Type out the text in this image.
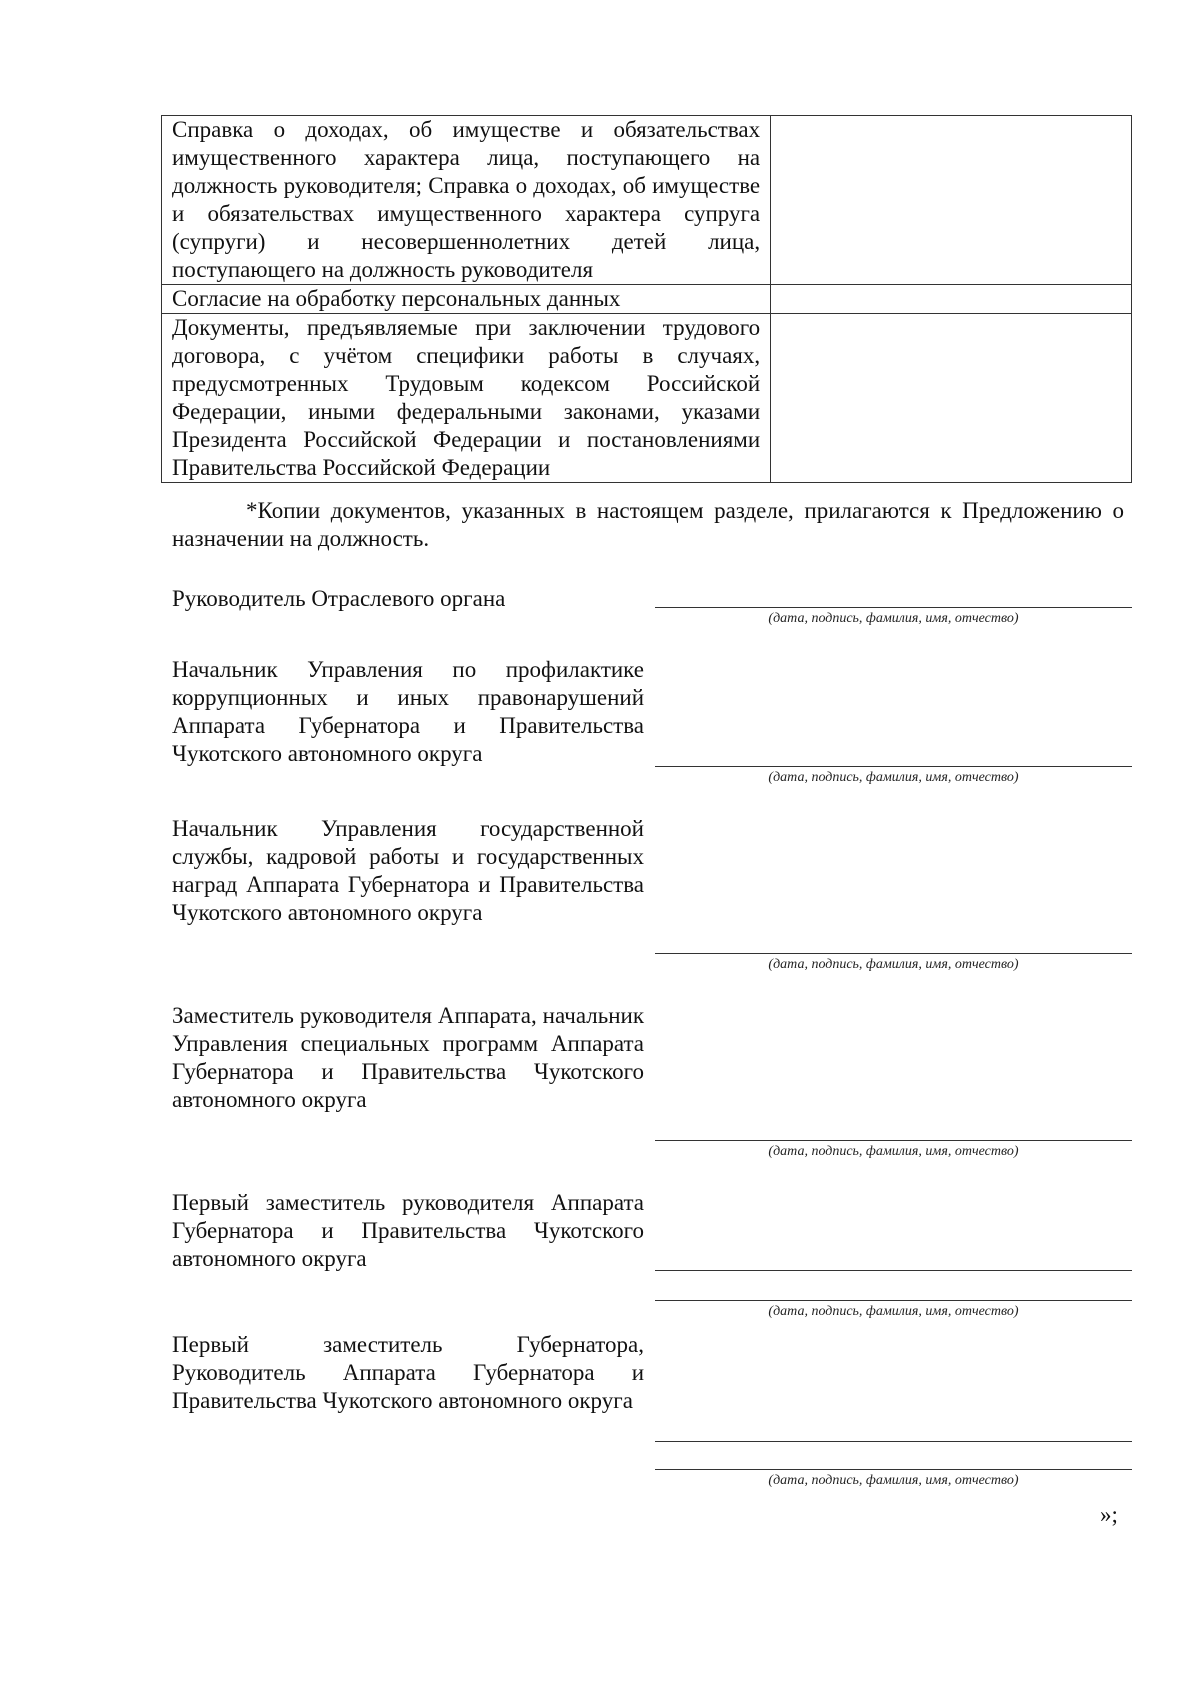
Справка о доходах, об имуществе и обязательствах имущественного характера лица, поступающего на должность руководителя; Справка о доходах, об имуществе и обязательствах имущественного характера супруга (супруги) и несовершеннолетних детей лица, поступающего на должность руководителя	
Согласие на обработку персональных данных	
Документы, предъявляемые при заключении трудового договора, с учётом специфики работы в случаях, предусмотренных Трудовым кодексом Российской Федерации, иными федеральными законами, указами Президента Российской Федерации и постановлениями Правительства Российской Федерации	
*Копии документов, указанных в настоящем разделе, прилагаются к Предложению о назначении на должность.
Руководитель Отраслевого органа
(дата, подпись, фамилия, имя, отчество)
Начальник Управления по профилактике коррупционных и иных правонарушений Аппарата Губернатора и Правительства Чукотского автономного округа
(дата, подпись, фамилия, имя, отчество)
Начальник Управления государственной службы, кадровой работы и государственных наград Аппарата Губернатора и Правительства Чукотского автономного округа
(дата, подпись, фамилия, имя, отчество)
Заместитель руководителя Аппарата, начальник Управления специальных программ Аппарата Губернатора и Правительства Чукотского автономного округа
(дата, подпись, фамилия, имя, отчество)
Первый заместитель руководителя Аппарата Губернатора и Правительства Чукотского автономного округа
(дата, подпись, фамилия, имя, отчество)
Первый заместитель Губернатора, Руководитель Аппарата Губернатора и Правительства Чукотского автономного округа
(дата, подпись, фамилия, имя, отчество)
»;
